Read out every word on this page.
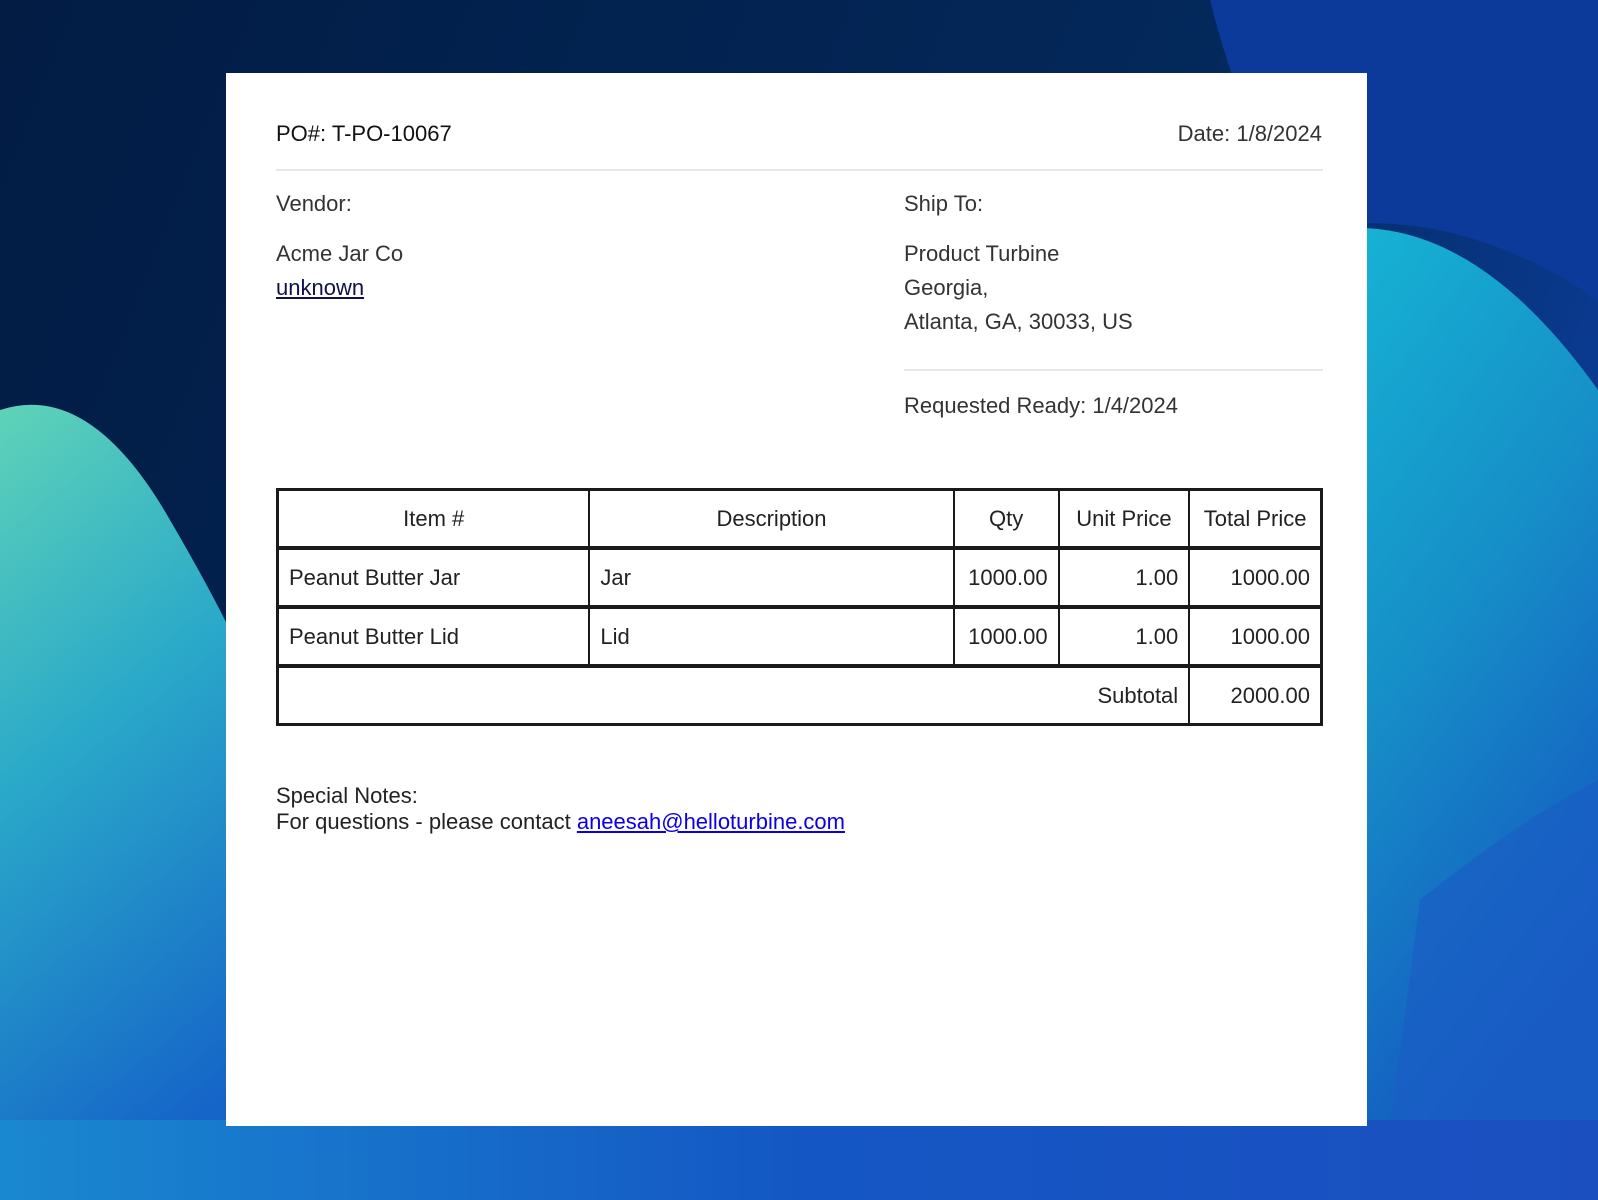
PO#: T-PO-10067	Date: 1/8/2024
Vendor:
Acme Jar Co
unknown
Ship To:
Product Turbine
Georgia,
Atlanta, GA, 30033, US
Requested Ready: 1/4/2024
Item #	Description	Qty	Unit Price	Total Price
Peanut Butter Jar	Jar	1000.00	1.00	1000.00
Peanut Butter Lid	Lid	1000.00	1.00	1000.00
Subtotal				2000.00
Special Notes:
For questions - please contact aneesah@helloturbine.com
